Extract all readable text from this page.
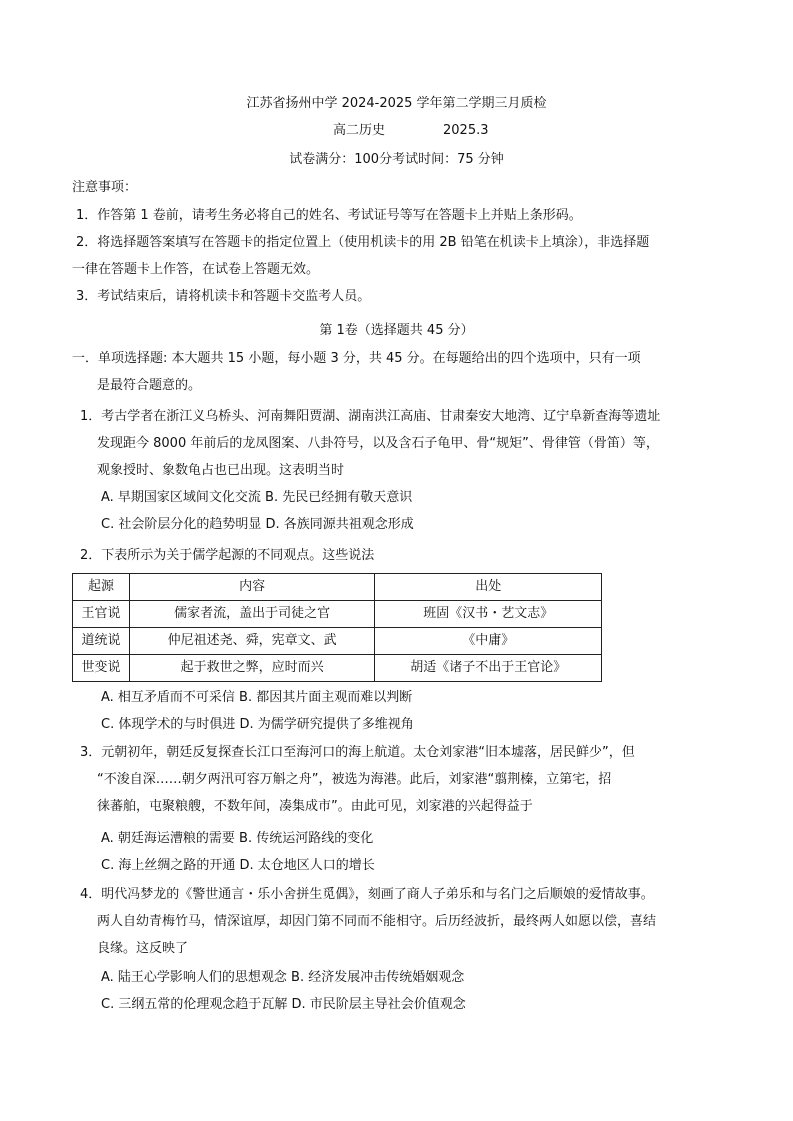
江苏省扬州中学 2024-2025 学年第二学期三月质检
高二历史	2025.3
试卷满分：100分考试时间：75 分钟
注意事项：
1．作答第 1 卷前，请考生务必将自己的姓名、考试证号等写在答题卡上并贴上条形码。
2．将选择题答案填写在答题卡的指定位置上（使用机读卡的用 2B 铅笔在机读卡上填涂），非选择题
一律在答题卡上作答，在试卷上答题无效。
3．考试结束后，请将机读卡和答题卡交监考人员。
第 1卷（选择题共 45 分）
一．单项选择题: 本大题共 15 小题，每小题 3 分，共 45 分。在每题给出的四个选项中，只有一项
是最符合题意的。
1．考古学者在浙江义乌桥头、河南舞阳贾湖、湖南洪江高庙、甘肃秦安大地湾、辽宁阜新查海等遗址
发现距今 8000 年前后的龙凤图案、八卦符号，以及含石子龟甲、骨“规矩”、骨律管（骨笛）等，
观象授时、象数龟占也已出现。这表明当时
A. 早期国家区域间文化交流 B. 先民已经拥有敬天意识
C. 社会阶层分化的趋势明显 D. 各族同源共祖观念形成
2．下表所示为关于儒学起源的不同观点。这些说法
起源	内容	出处
王官说	儒家者流，盖出于司徒之官	班固《汉书・艺文志》
道统说	仲尼祖述尧、舜，宪章文、武	《中庸》
世变说	起于救世之弊，应时而兴	胡适《诸子不出于王官论》
A. 相互矛盾而不可采信 B. 都因其片面主观而难以判断
C. 体现学术的与时俱进 D. 为儒学研究提供了多维视角
3．元朝初年，朝廷反复探查长江口至海河口的海上航道。太仓刘家港“旧本墟落，居民鲜少”，但
“不浚自深……朝夕两汛可容万斛之舟”，被选为海港。此后，刘家港“翦荆榛，立第宅，招
徕蕃舶，屯聚粮艘，不数年间，凑集成市”。由此可见，刘家港的兴起得益于
A. 朝廷海运漕粮的需要 B. 传统运河路线的变化
C. 海上丝绸之路的开通 D. 太仓地区人口的增长
4．明代冯梦龙的《警世通言・乐小舍拼生觅偶》，刻画了商人子弟乐和与名门之后顺娘的爱情故事。
两人自幼青梅竹马，情深谊厚，却因门第不同而不能相守。后历经波折，最终两人如愿以偿，喜结
良缘。这反映了
A. 陆王心学影响人们的思想观念 B. 经济发展冲击传统婚姻观念
C. 三纲五常的伦理观念趋于瓦解 D. 市民阶层主导社会价值观念
